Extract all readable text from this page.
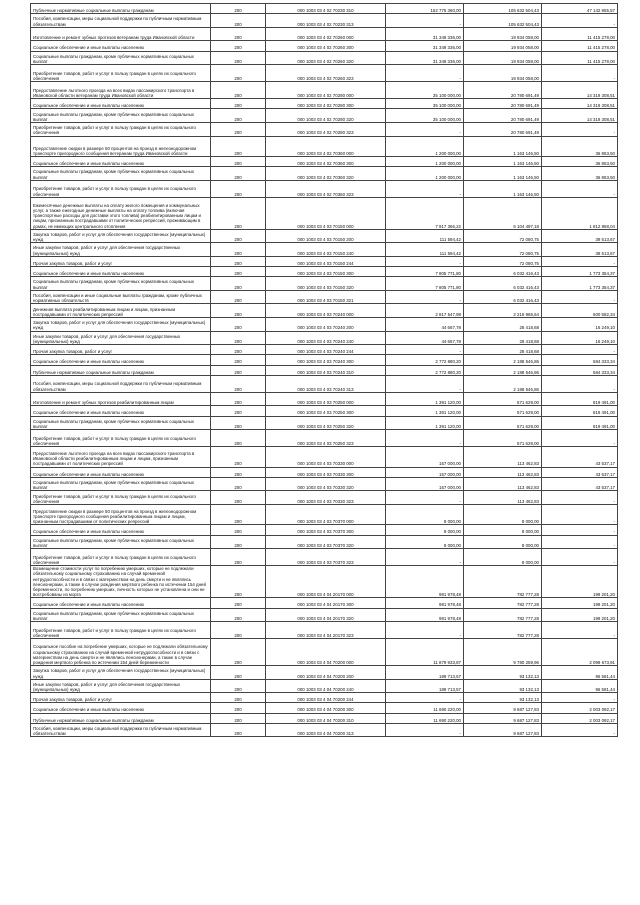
Публичные нормативные социальные выплаты гражданам	200	000 1003 03 4 02 70230 310	152 775 360,00	105 632 504,43	47 142 855,57
Пособия, компенсации, меры социальной поддержки по публичным нормативным обязательствам	200	000 1003 03 4 02 70230 313	-	105 632 504,43	-
Изготовление и ремонт зубных протезов ветеранам труда Ивановской области	200	000 1003 03 4 02 70260 000	31 349 336,00	19 934 058,00	11 415 278,00
Социальное обеспечение и иные выплаты населению	200	000 1003 03 4 02 70260 300	31 349 336,00	19 934 058,00	11 415 278,00
Социальные выплаты гражданам, кроме публичных нормативных социальных выплат	200	000 1003 03 4 02 70260 320	31 349 336,00	19 934 058,00	11 415 278,00
Приобретение товаров, работ и услуг в пользу граждан в целях их социального обеспечения	200	000 1003 03 4 02 70260 323	-	19 934 058,00	-
Предоставление льготного проезда на всех видах пассажирского транспорта в Ивановской области ветеранам труда Ивановской области	200	000 1003 03 4 02 70280 000	35 100 000,00	20 780 691,49	14 319 308,51
Социальное обеспечение и иные выплаты населению	200	000 1003 03 4 02 70280 300	35 100 000,00	20 780 691,49	14 319 308,51
Социальные выплаты гражданам, кроме публичных нормативных социальных выплат	200	000 1003 03 4 02 70280 320	35 100 000,00	20 780 691,49	14 319 308,51
Приобретение товаров, работ и услуг в пользу граждан в целях их социального обеспечения	200	000 1003 03 4 02 70280 323	-	20 780 691,49	-
Предоставление скидки в размере 50 процентов на проезд в железнодорожном транспорте пригородного сообщения ветеранам труда Ивановской области	200	000 1003 03 4 02 70360 000	1 200 000,00	1 163 146,50	36 853,50
Социальное обеспечение и иные выплаты населению	200	000 1003 03 4 02 70360 300	1 200 000,00	1 163 146,50	36 853,50
Социальные выплаты гражданам, кроме публичных нормативных социальных выплат	200	000 1003 03 4 02 70360 320	1 200 000,00	1 163 146,50	36 853,50
Приобретение товаров, работ и услуг в пользу граждан в целях их социального обеспечения	200	000 1003 03 4 02 70360 323	-	1 163 146,50	-
Ежемесячные денежные выплаты на оплату жилого помещения и коммунальных услуг, а также ежегодные денежные выплаты на оплату топлива (включая транспортные расходы для доставки этого топлива) реабилитированным лицам и лицам, признанным пострадавшими от политических репрессий, проживающим в домах, не имеющих центрального отопления	200	000 1003 03 4 03 70150 000	7 917 366,22	6 104 497,18	1 812 868,04
Закупка товаров, работ и услуг для обеспечения государственных (муниципальных) нужд	200	000 1003 03 4 03 70150 200	111 594,42	72 080,75	39 513,67
Иные закупки товаров, работ и услуг для обеспечения государственных (муниципальных) нужд	200	000 1003 03 4 03 70150 240	111 594,42	72 080,75	39 513,67
Прочая закупка товаров, работ и услуг	200	000 1003 03 4 03 70150 244	-	72 080,75	-
Социальное обеспечение и иные выплаты населению	200	000 1003 03 4 03 70150 300	7 805 771,80	6 032 416,43	1 773 354,37
Социальные выплаты гражданам, кроме публичных нормативных социальных выплат	200	000 1003 03 4 03 70150 320	7 805 771,80	6 032 416,43	1 773 354,37
Пособия, компенсации и иные социальные выплаты гражданам, кроме публичных нормативных обязательств	200	000 1003 03 4 03 70150 321	-	6 032 416,43	-
Денежная выплата реабилитированным лицам и лицам, признанным пострадавшими от политических репрессий	200	000 1003 03 4 03 70240 000	2 817 547,98	2 216 965,64	600 582,34
Закупка товаров, работ и услуг для обеспечения государственных (муниципальных) нужд	200	000 1003 03 4 03 70240 200	44 667,78	28 418,68	16 249,10
Иные закупки товаров, работ и услуг для обеспечения государственных (муниципальных) нужд	200	000 1003 03 4 03 70240 240	44 667,78	28 418,68	16 249,10
Прочая закупка товаров, работ и услуг	200	000 1003 03 4 03 70240 244	-	28 418,68	-
Социальное обеспечение и иные выплаты населению	200	000 1003 03 4 03 70240 300	2 772 880,20	2 188 546,86	584 333,34
Публичные нормативные социальные выплаты гражданам	200	000 1003 03 4 03 70240 310	2 772 880,20	2 188 546,86	584 333,34
Пособия, компенсации, меры социальной поддержки по публичным нормативным обязательствам	200	000 1003 03 4 03 70240 313	-	2 188 546,86	-
Изготовление и ремонт зубных протезов реабилитированным лицам	200	000 1003 03 4 03 70250 000	1 391 120,00	571 629,00	819 491,00
Социальное обеспечение и иные выплаты населению	200	000 1003 03 4 03 70250 300	1 391 120,00	571 629,00	819 491,00
Социальные выплаты гражданам, кроме публичных нормативных социальных выплат	200	000 1003 03 4 03 70250 320	1 391 120,00	571 629,00	819 491,00
Приобретение товаров, работ и услуг в пользу граждан в целях их социального обеспечения	200	000 1003 03 4 03 70250 323	-	571 629,00	-
Предоставление льготного проезда на всех видах пассажирского транспорта в Ивановской области реабилитированным лицам и лицам, признанным пострадавшими от политических репрессий	200	000 1003 03 4 03 70330 000	157 000,00	113 462,83	43 537,17
Социальное обеспечение и иные выплаты населению	200	000 1003 03 4 03 70330 300	157 000,00	113 462,83	43 537,17
Социальные выплаты гражданам, кроме публичных нормативных социальных выплат	200	000 1003 03 4 03 70330 320	157 000,00	113 462,83	43 537,17
Приобретение товаров, работ и услуг в пользу граждан в целях их социального обеспечения	200	000 1003 03 4 03 70330 323	-	113 462,83	-
Предоставление скидки в размере 50 процентов на проезд в железнодорожном транспорте пригородного сообщения реабилитированным лицам и лицам, признанным пострадавшими от политических репрессий	200	000 1003 03 4 03 70370 000	8 000,00	8 000,00	-
Социальное обеспечение и иные выплаты населению	200	000 1003 03 4 03 70370 300	8 000,00	8 000,00	-
Социальные выплаты гражданам, кроме публичных нормативных социальных выплат	200	000 1003 03 4 03 70370 320	8 000,00	8 000,00	-
Приобретение товаров, работ и услуг в пользу граждан в целях их социального обеспечения	200	000 1003 03 4 03 70370 323	-	8 000,00	-
Возмещение стоимости услуг по погребению умерших, которые не подлежали обязательному социальному страхованию на случай временной нетрудоспособности и в связи с материнством на день смерти и не являлись пенсионерами, а также в случае рождения мертвого ребенка по истечении 154 дней беременности, по погребению умерших, личность которых не установлена и они не востребованы из морга	200	000 1003 03 4 04 20170 000	981 978,48	782 777,28	199 201,20
Социальное обеспечение и иные выплаты населению	200	000 1003 03 4 04 20170 300	981 978,48	782 777,28	199 201,20
Социальные выплаты гражданам, кроме публичных нормативных социальных выплат	200	000 1003 03 4 04 20170 320	981 978,48	782 777,28	199 201,20
Приобретение товаров, работ и услуг в пользу граждан в целях их социального обеспечения	200	000 1003 03 4 04 20170 323	-	782 777,28	-
Социальное пособие на погребение умерших, которые не подлежали обязательному социальному страхованию на случай временной нетрудоспособности и в связи с материнством на день смерти и не являлись пенсионерами, а также в случае рождения мертвого ребенка по истечении 154 дней беременности	200	000 1003 03 4 04 70200 000	11 879 933,87	9 780 259,96	2 099 673,91
Закупка товаров, работ и услуг для обеспечения государственных (муниципальных) нужд	200	000 1003 03 4 04 70200 200	189 713,57	93 132,13	96 581,44
Иные закупки товаров, работ и услуг для обеспечения государственных (муниципальных) нужд	200	000 1003 03 4 04 70200 240	189 713,57	93 132,13	96 581,44
Прочая закупка товаров, работ и услуг	200	000 1003 03 4 04 70200 244	-	93 132,13	-
Социальное обеспечение и иные выплаты населению	200	000 1003 03 4 04 70200 300	11 690 220,00	9 687 127,83	2 003 092,17
Публичные нормативные социальные выплаты гражданам	200	000 1003 03 4 04 70200 310	11 690 220,00	9 687 127,83	2 003 092,17
Пособия, компенсации, меры социальной поддержки по публичным нормативным обязательствам	200	000 1003 03 4 04 70200 313	-	9 687 127,83	-
